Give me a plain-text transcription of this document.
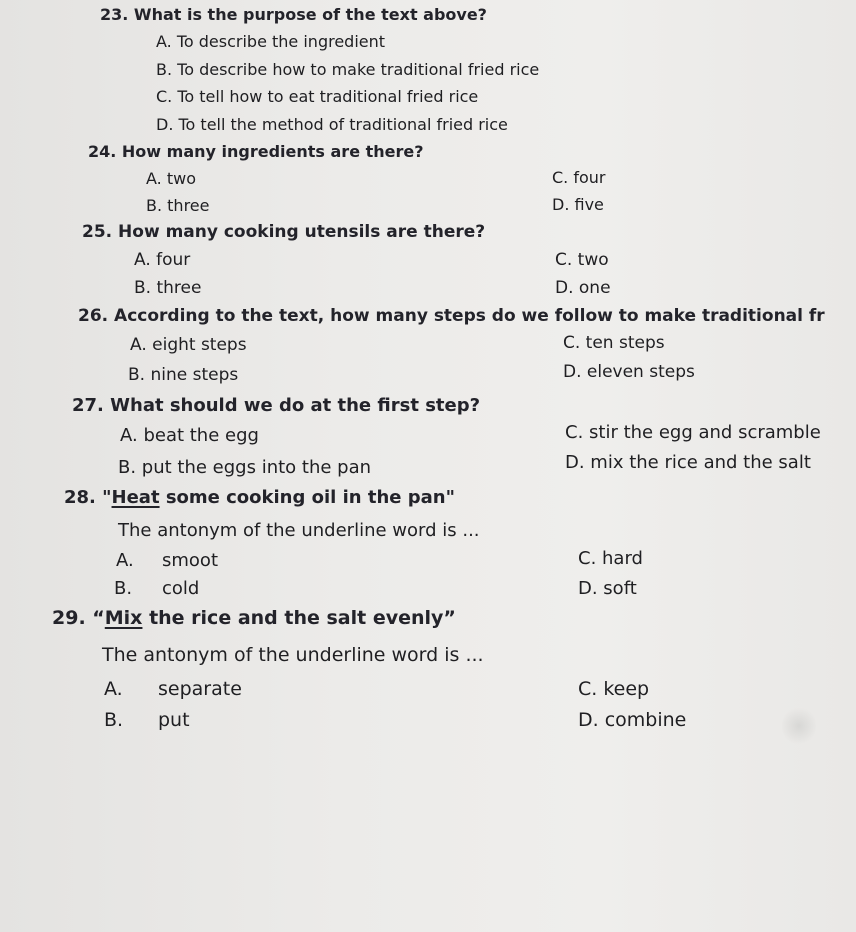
23. What is the purpose of the text above?
A. To describe the ingredient
B. To describe how to make traditional fried rice
C. To tell how to eat traditional fried rice
D. To tell the method of traditional fried rice
24. How many ingredients are there?
A. two
B. three
C. four
D. five
25. How many cooking utensils are there?
A. four
B. three
C. two
D. one
26. According to the text, how many steps do we follow to make traditional fr
A. eight steps
B. nine steps
C. ten steps
D. eleven steps
27. What should we do at the first step?
A. beat the egg
B. put the eggs into the pan
C. stir the egg and scramble
D. mix the rice and the salt
28. "Heat some cooking oil in the pan"
The antonym of the underline word is ...
A. smoot
B. cold
C. hard
D. soft
29. “Mix the rice and the salt evenly”
The antonym of the underline word is ...
A. separate
B. put
C. keep
D. combine
